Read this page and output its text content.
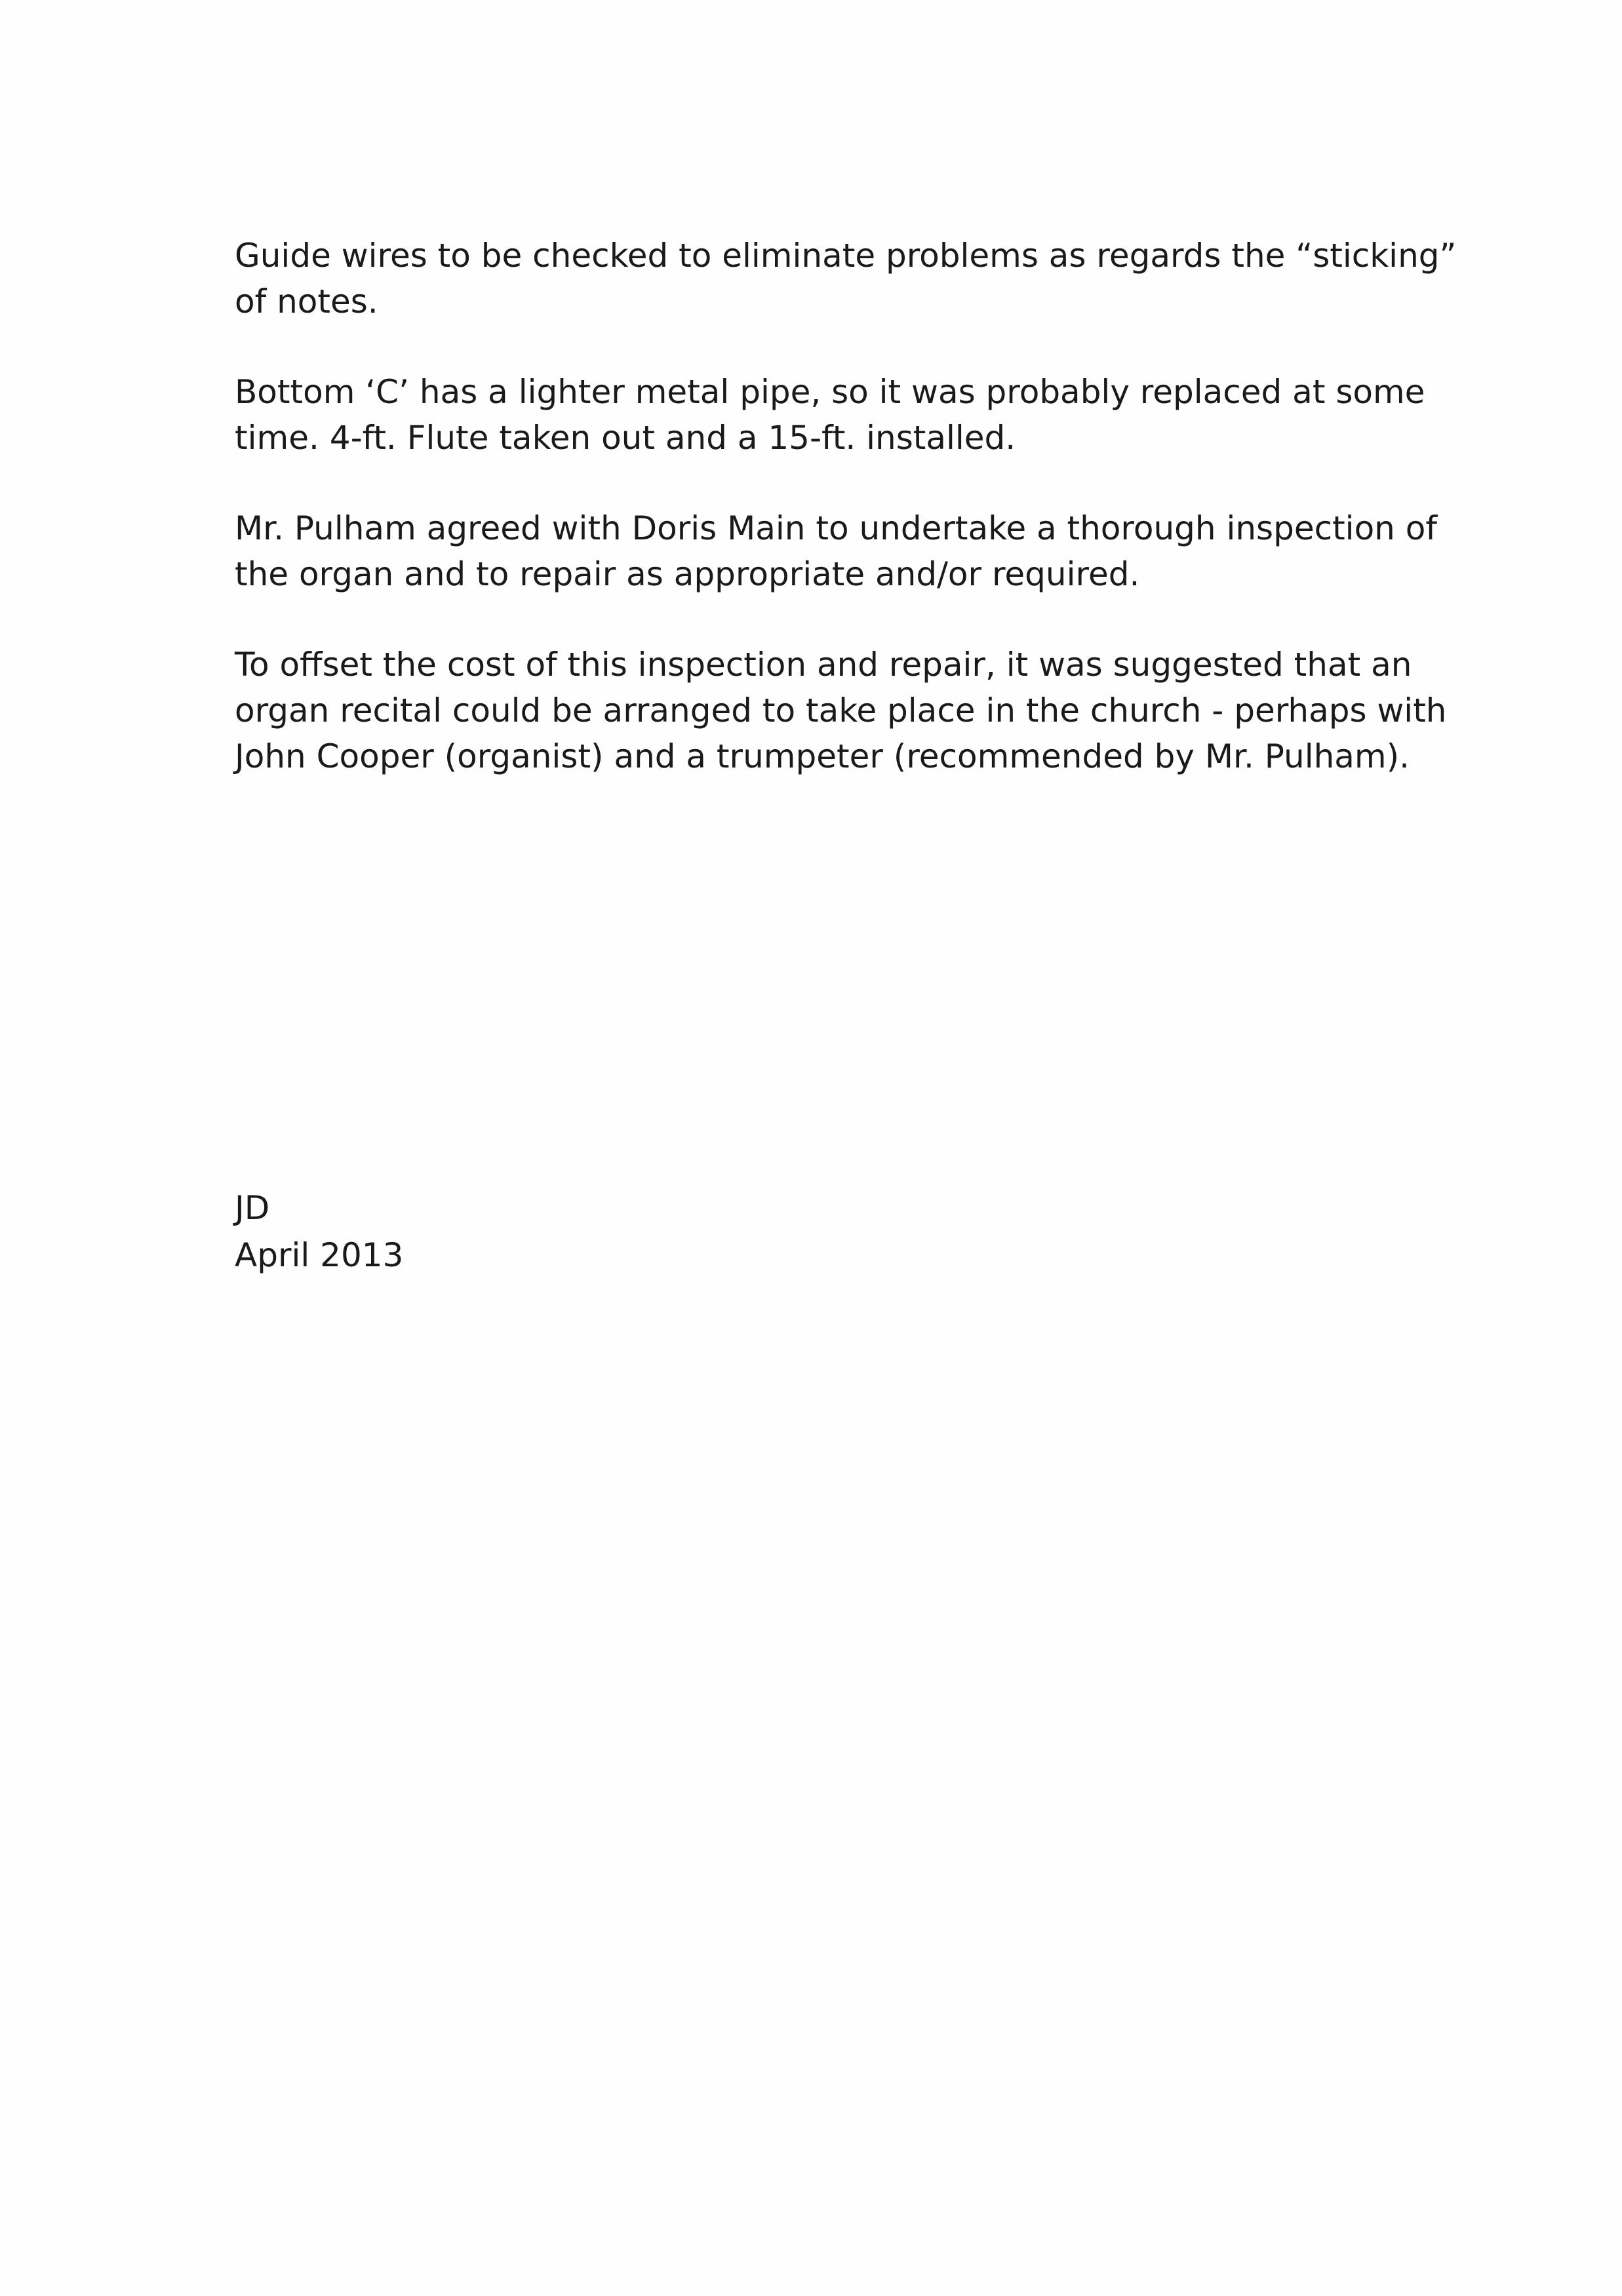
Guide wires to be checked to eliminate problems as regards the “sticking”
of notes.

Bottom ‘C’ has a lighter metal pipe, so it was probably replaced at some
time. 4-ft. Flute taken out and a 15-ft. installed.

Mr. Pulham agreed with Doris Main to undertake a thorough inspection of
the organ and to repair as appropriate and/or required.

To offset the cost of this inspection and repair, it was suggested that an
organ recital could be arranged to take place in the church - perhaps with
John Cooper (organist) and a trumpeter (recommended by Mr. Pulham).

JD
April 2013
